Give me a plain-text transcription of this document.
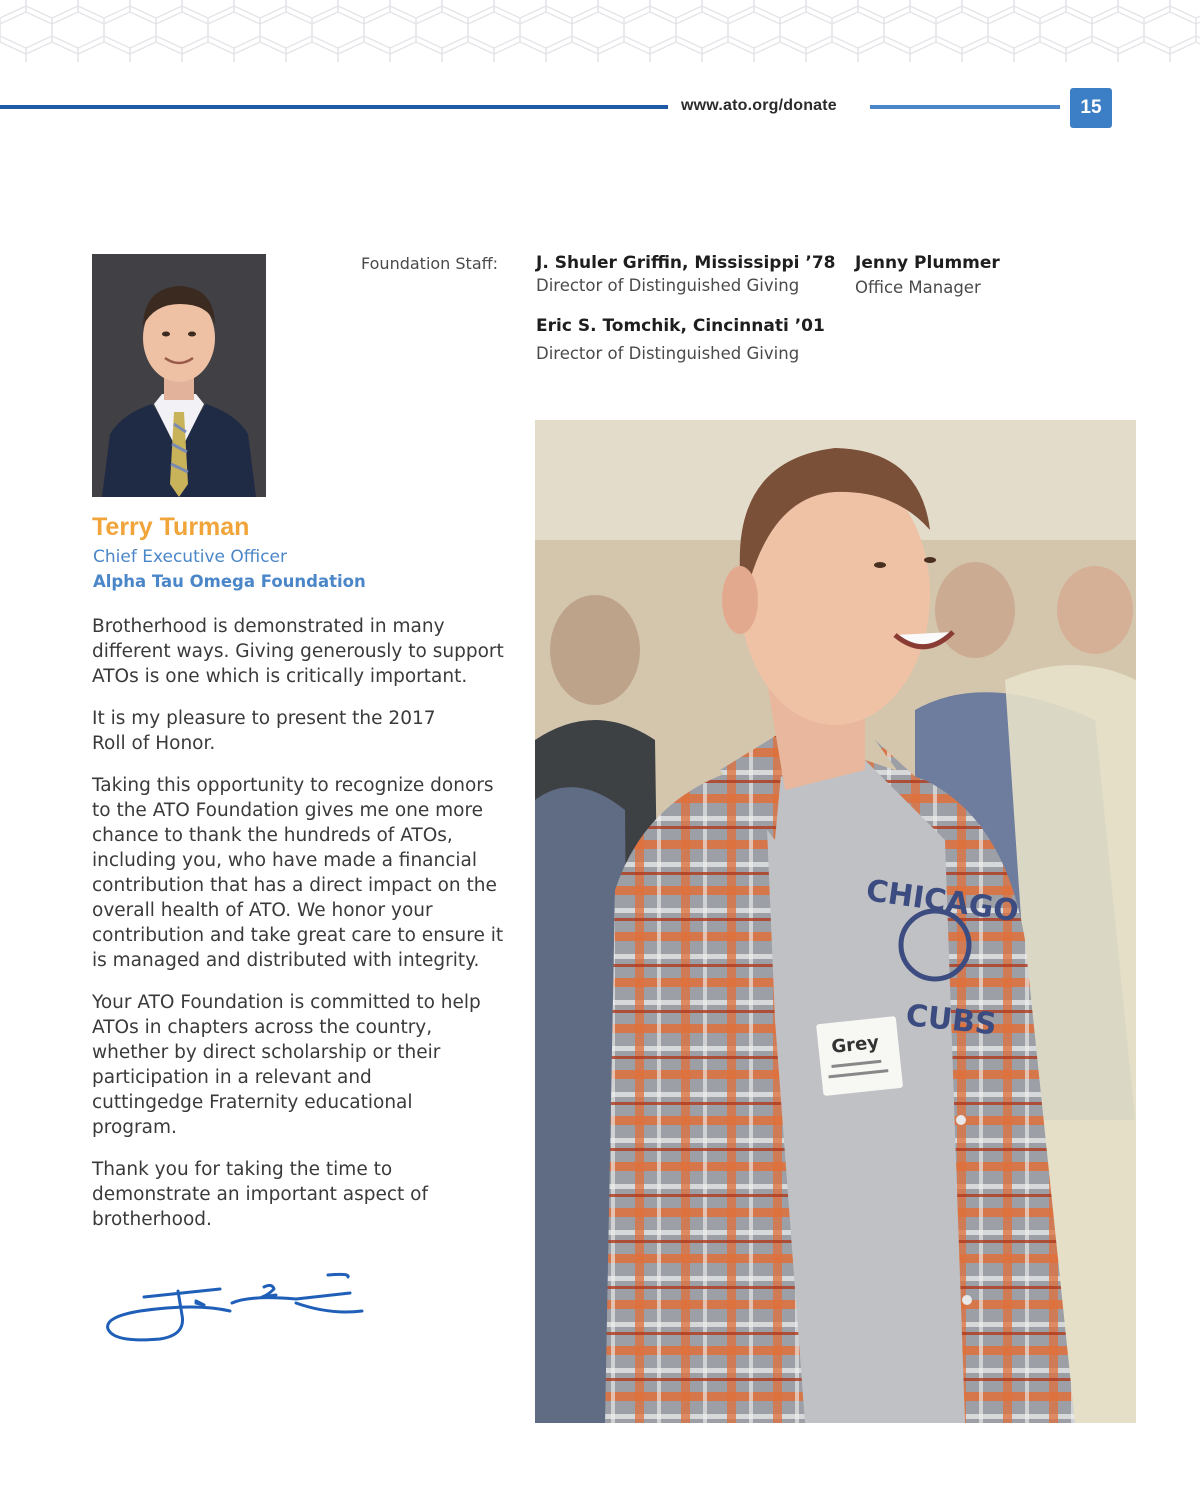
www.ato.org/donate	15
Terry Turman
Chief Executive Officer
Alpha Tau Omega Foundation

Brotherhood is demonstrated in many different ways. Giving generously to support ATOs is one which is critically important.

It is my pleasure to present the 2017 Roll of Honor.

Taking this opportunity to recognize donors to the ATO Foundation gives me one more chance to thank the hundreds of ATOs, including you, who have made a financial contribution that has a direct impact on the overall health of ATO. We honor your contribution and take great care to ensure it is managed and distributed with integrity.

Your ATO Foundation is committed to help ATOs in chapters across the country, whether by direct scholarship or their participation in a relevant and cuttingedge Fraternity educational program.

Thank you for taking the time to demonstrate an important aspect of brotherhood.

Foundation Staff: J. Shuler Griffin, Mississippi ’78
Director of Distinguished Giving
Eric S. Tomchik, Cincinnati ’01
Director of Distinguished Giving
Jenny Plummer
Office Manager
CHICAGO
CUBS
Grey
